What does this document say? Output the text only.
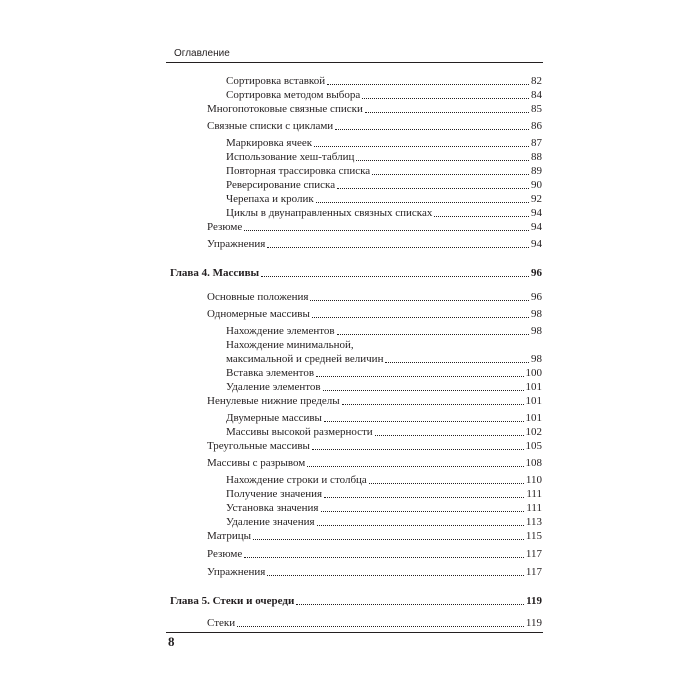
Оглавление
Сортировка вставкой	82
Сортировка методом выбора	84
Многопотоковые связные списки	85
Связные списки с циклами	86
Маркировка ячеек	87
Использование хеш-таблиц	88
Повторная трассировка списка	89
Реверсирование списка	90
Черепаха и кролик	92
Циклы в двунаправленных связных списках	94
Резюме	94
Упражнения	94
Глава 4. Массивы	96
Основные положения	96
Одномерные массивы	98
Нахождение элементов	98
Нахождение минимальной,
максимальной и средней величин	98
Вставка элементов	100
Удаление элементов	101
Ненулевые нижние пределы	101
Двумерные массивы	101
Массивы высокой размерности	102
Треугольные массивы	105
Массивы с разрывом	108
Нахождение строки и столбца	110
Получение значения	111
Установка значения	111
Удаление значения	113
Матрицы	115
Резюме	117
Упражнения	117
Глава 5. Стеки и очереди	119
Стеки	119
8
